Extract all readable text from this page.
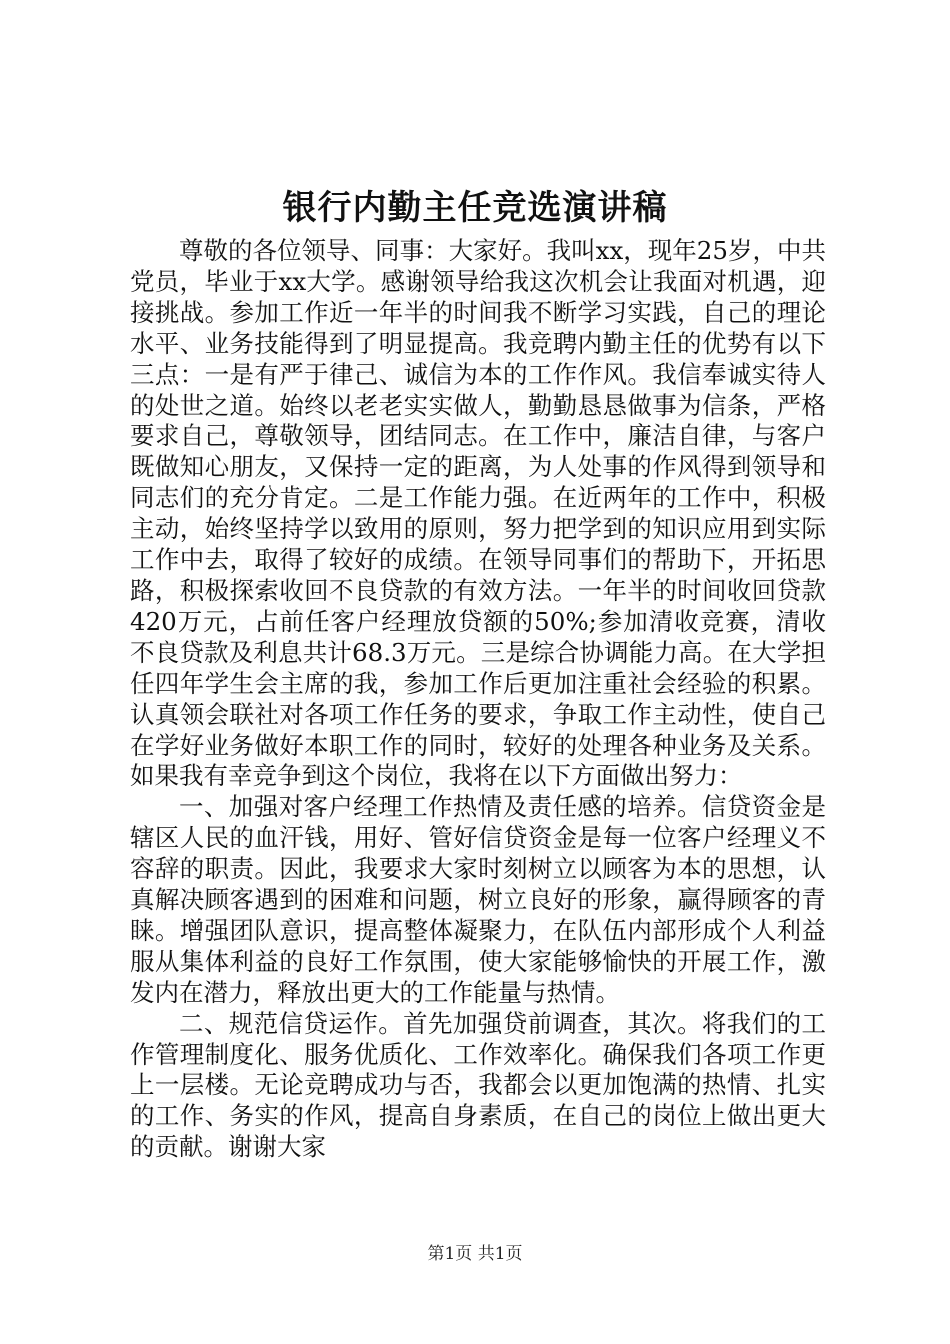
银行内勤主任竞选演讲稿

尊敬的各位领导、同事：大家好。我叫xx，现年25岁，中共党员，毕业于xx大学。感谢领导给我这次机会让我面对机遇，迎接挑战。参加工作近一年半的时间我不断学习实践，自己的理论水平、业务技能得到了明显提高。我竞聘内勤主任的优势有以下三点：一是有严于律己、诚信为本的工作作风。我信奉诚实待人的处世之道。始终以老老实实做人，勤勤恳恳做事为信条，严格要求自己，尊敬领导，团结同志。在工作中，廉洁自律，与客户既做知心朋友，又保持一定的距离，为人处事的作风得到领导和同志们的充分肯定。二是工作能力强。在近两年的工作中，积极主动，始终坚持学以致用的原则，努力把学到的知识应用到实际工作中去，取得了较好的成绩。在领导同事们的帮助下，开拓思路，积极探索收回不良贷款的有效方法。一年半的时间收回贷款420万元，占前任客户经理放贷额的50%;参加清收竞赛，清收不良贷款及利息共计68.3万元。三是综合协调能力高。在大学担任四年学生会主席的我，参加工作后更加注重社会经验的积累。认真领会联社对各项工作任务的要求，争取工作主动性，使自己在学好业务做好本职工作的同时，较好的处理各种业务及关系。如果我有幸竞争到这个岗位，我将在以下方面做出努力：

一、加强对客户经理工作热情及责任感的培养。信贷资金是辖区人民的血汗钱，用好、管好信贷资金是每一位客户经理义不容辞的职责。因此，我要求大家时刻树立以顾客为本的思想，认真解决顾客遇到的困难和问题，树立良好的形象，赢得顾客的青睐。增强团队意识，提高整体凝聚力，在队伍内部形成个人利益服从集体利益的良好工作氛围，使大家能够愉快的开展工作，激发内在潜力，释放出更大的工作能量与热情。

二、规范信贷运作。首先加强贷前调查，其次。将我们的工作管理制度化、服务优质化、工作效率化。确保我们各项工作更上一层楼。无论竞聘成功与否，我都会以更加饱满的热情、扎实的工作、务实的作风，提高自身素质，在自己的岗位上做出更大的贡献。谢谢大家

第1页 共1页
